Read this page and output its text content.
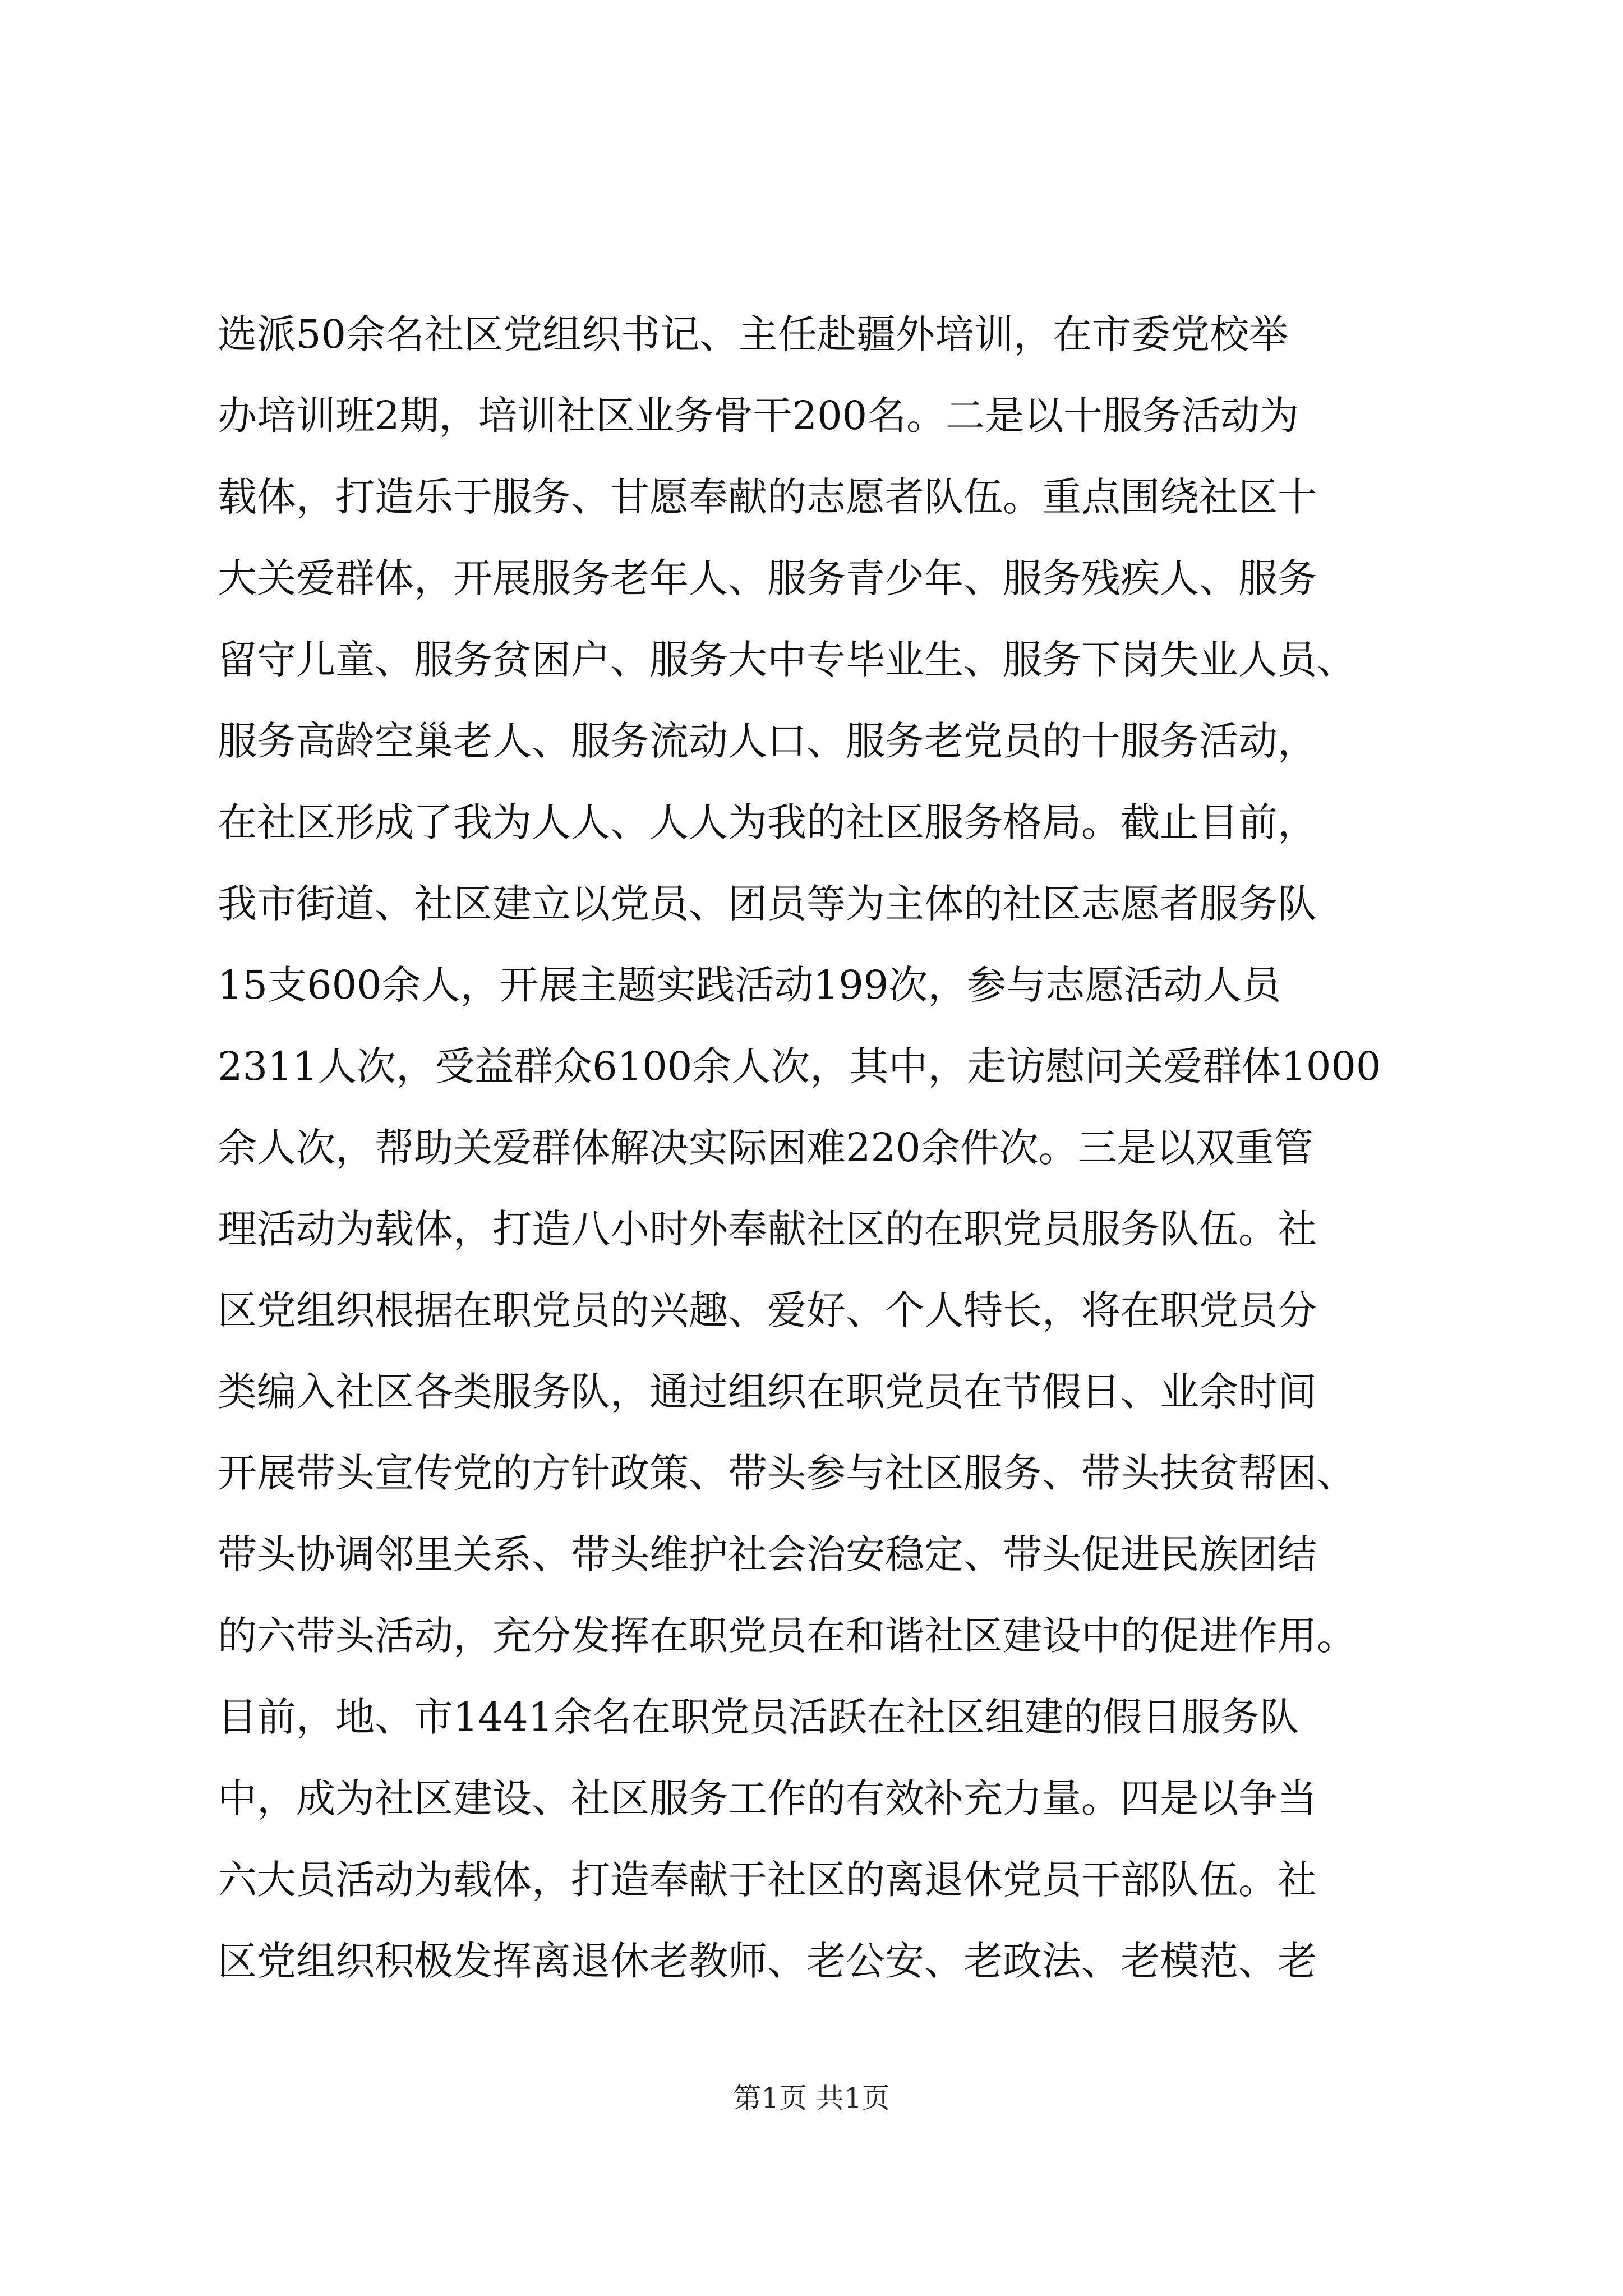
选派50余名社区党组织书记、主任赴疆外培训，在市委党校举
办培训班2期，培训社区业务骨干200名。二是以十服务活动为
载体，打造乐于服务、甘愿奉献的志愿者队伍。重点围绕社区十
大关爱群体，开展服务老年人、服务青少年、服务残疾人、服务
留守儿童、服务贫困户、服务大中专毕业生、服务下岗失业人员、
服务高龄空巢老人、服务流动人口、服务老党员的十服务活动，
在社区形成了我为人人、人人为我的社区服务格局。截止目前，
我市街道、社区建立以党员、团员等为主体的社区志愿者服务队
15支600余人，开展主题实践活动199次，参与志愿活动人员
2311人次，受益群众6100余人次，其中，走访慰问关爱群体1000
余人次，帮助关爱群体解决实际困难220余件次。三是以双重管
理活动为载体，打造八小时外奉献社区的在职党员服务队伍。社
区党组织根据在职党员的兴趣、爱好、个人特长，将在职党员分
类编入社区各类服务队，通过组织在职党员在节假日、业余时间
开展带头宣传党的方针政策、带头参与社区服务、带头扶贫帮困、
带头协调邻里关系、带头维护社会治安稳定、带头促进民族团结
的六带头活动，充分发挥在职党员在和谐社区建设中的促进作用。
目前，地、市1441余名在职党员活跃在社区组建的假日服务队
中，成为社区建设、社区服务工作的有效补充力量。四是以争当
六大员活动为载体，打造奉献于社区的离退休党员干部队伍。社
区党组织积极发挥离退休老教师、老公安、老政法、老模范、老
第1页 共1页
